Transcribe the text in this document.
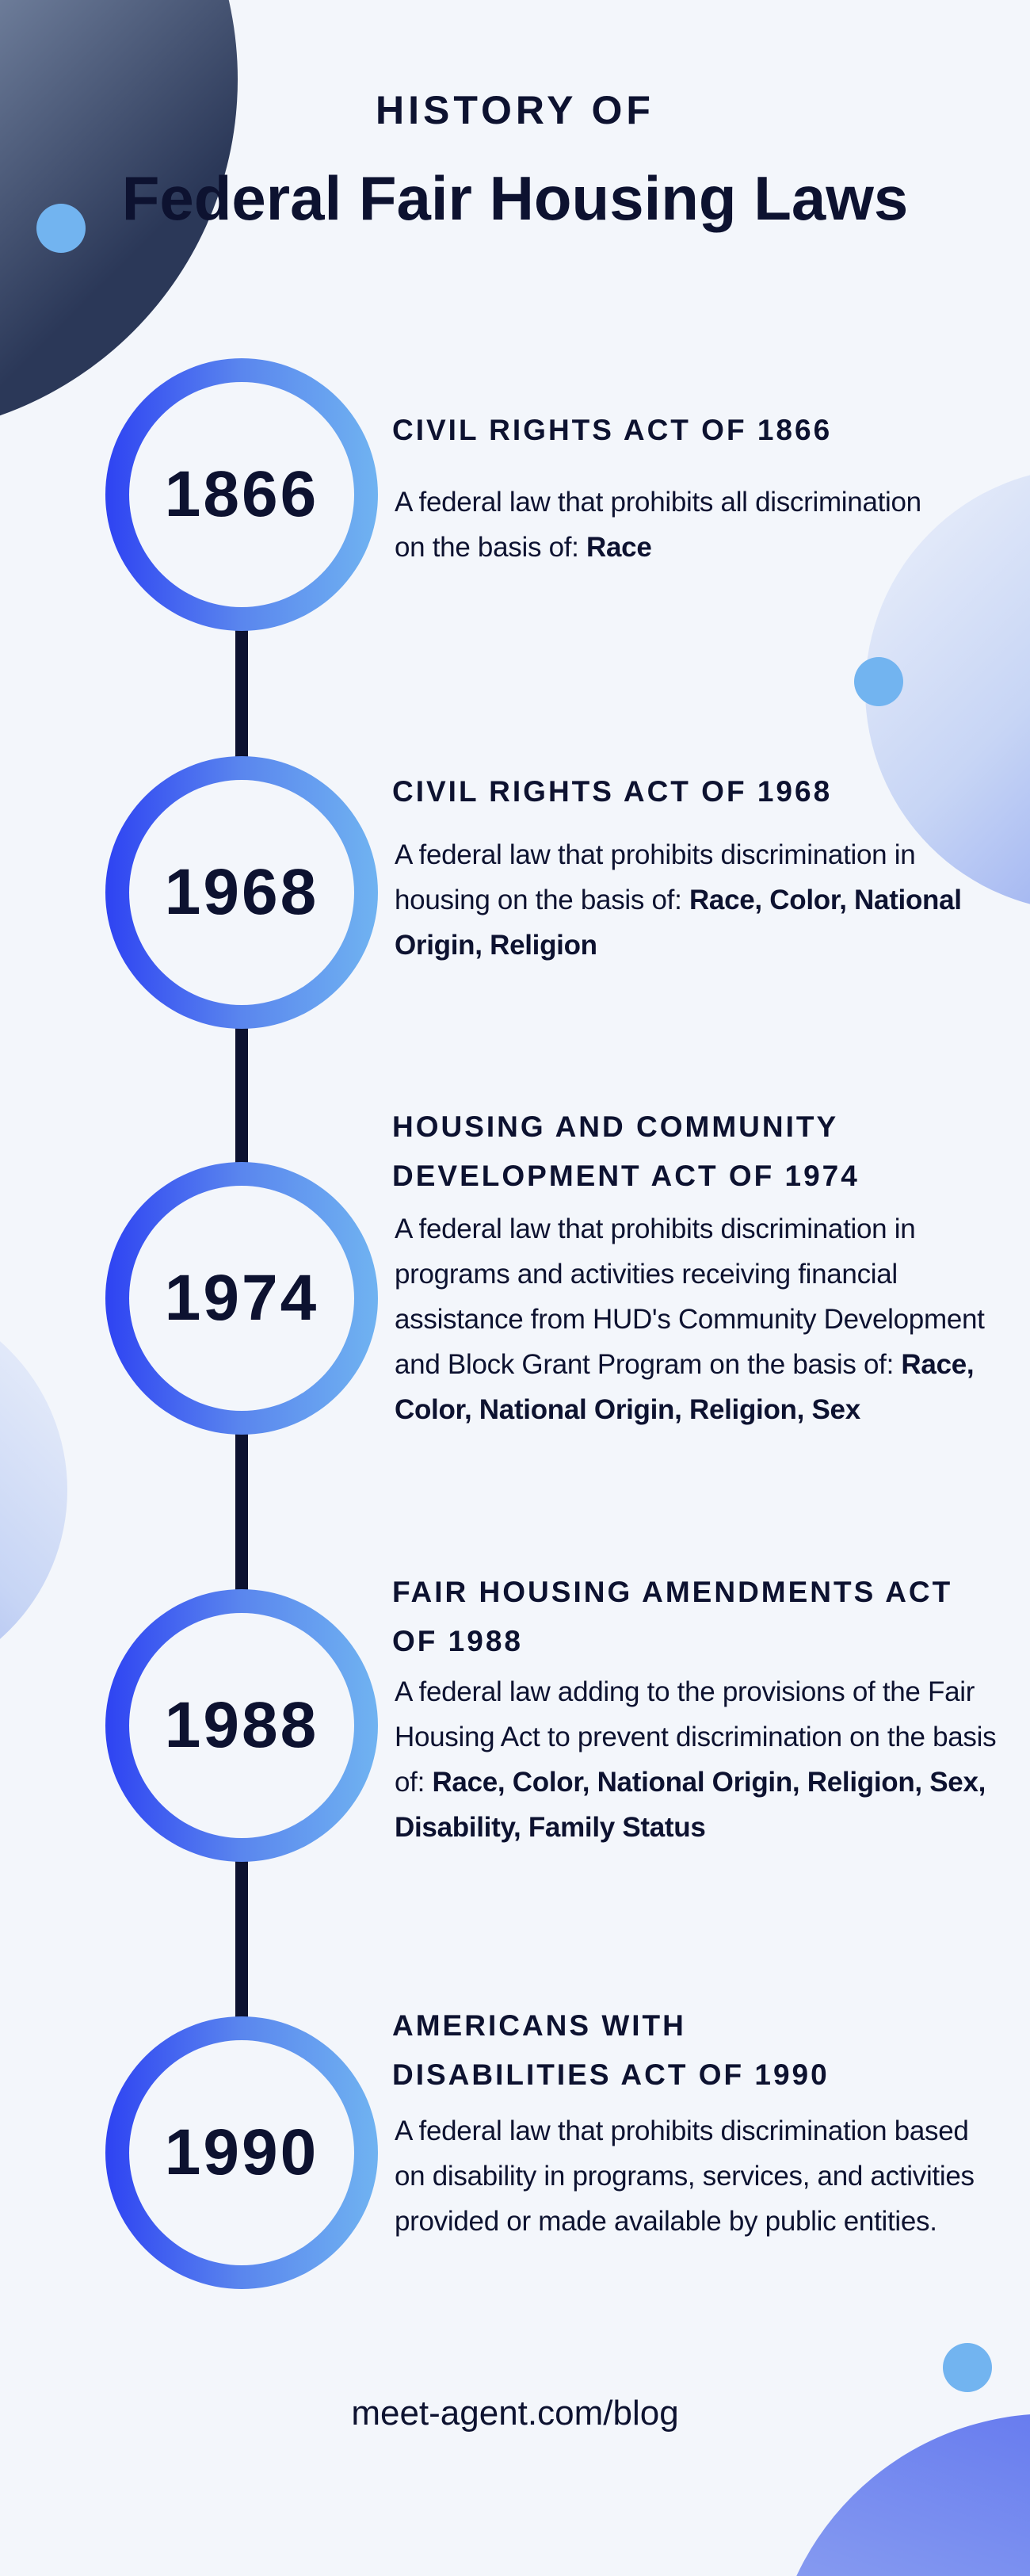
HISTORY OF
Federal Fair Housing Laws
1866
CIVIL RIGHTS ACT OF 1866
A federal law that prohibits all discrimination on the basis of: Race
1968
CIVIL RIGHTS ACT OF 1968
A federal law that prohibits discrimination in housing on the basis of: Race, Color, National Origin, Religion
1974
HOUSING AND COMMUNITY DEVELOPMENT ACT OF 1974
A federal law that prohibits discrimination in programs and activities receiving financial assistance from HUD's Community Development and Block Grant Program on the basis of: Race, Color, National Origin, Religion, Sex
1988
FAIR HOUSING AMENDMENTS ACT OF 1988
A federal law adding to the provisions of the Fair Housing Act to prevent discrimination on the basis of: Race, Color, National Origin, Religion, Sex, Disability, Family Status
1990
AMERICANS WITH DISABILITIES ACT OF 1990
A federal law that prohibits discrimination based on disability in programs, services, and activities provided or made available by public entities.
meet-agent.com/blog
